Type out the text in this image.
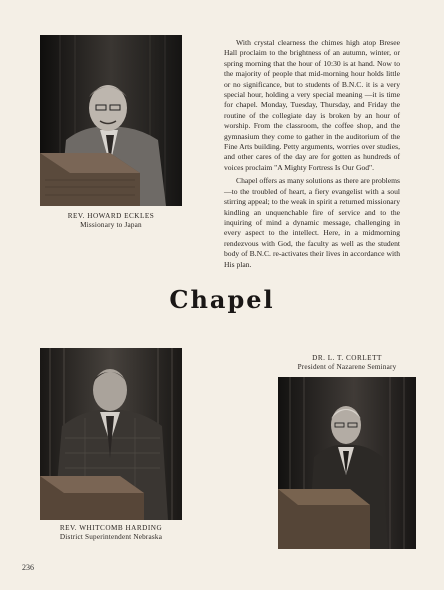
REV. HOWARD ECKLES
Missionary to Japan

With crystal clearness the chimes high atop Bresee Hall proclaim to the brightness of an autumn, winter, or spring morning that the hour of 10:30 is at hand. Now to the majority of people that mid-morning hour holds little or no significance, but to students of B.N.C. it is a very special hour, holding a very special meaning —it is time for chapel. Monday, Tuesday, Thursday, and Friday the routine of the collegiate day is broken by an hour of worship. From the classroom, the coffee shop, and the gymnasium they come to gather in the auditorium of the Fine Arts building. Petty arguments, worries over studies, and other cares of the day are for gotten as hundreds of voices proclaim "A Mighty Fortress Is Our God".

Chapel offers as many solutions as there are problems—to the troubled of heart, a fiery evangelist with a soul stirring appeal; to the weak in spirit a returned missionary kindling an unquenchable fire of service and to the inquiring of mind a dynamic message, challenging in every aspect to the intellect. Here, in a midmorning rendezvous with God, the faculty as well as the student body of B.N.C. re-activates their lives in accordance with His plan.

Chapel
REV. WHITCOMB HARDING
District Superintendent Nebraska
DR. L. T. CORLETT
President of Nazarene Seminary
236
